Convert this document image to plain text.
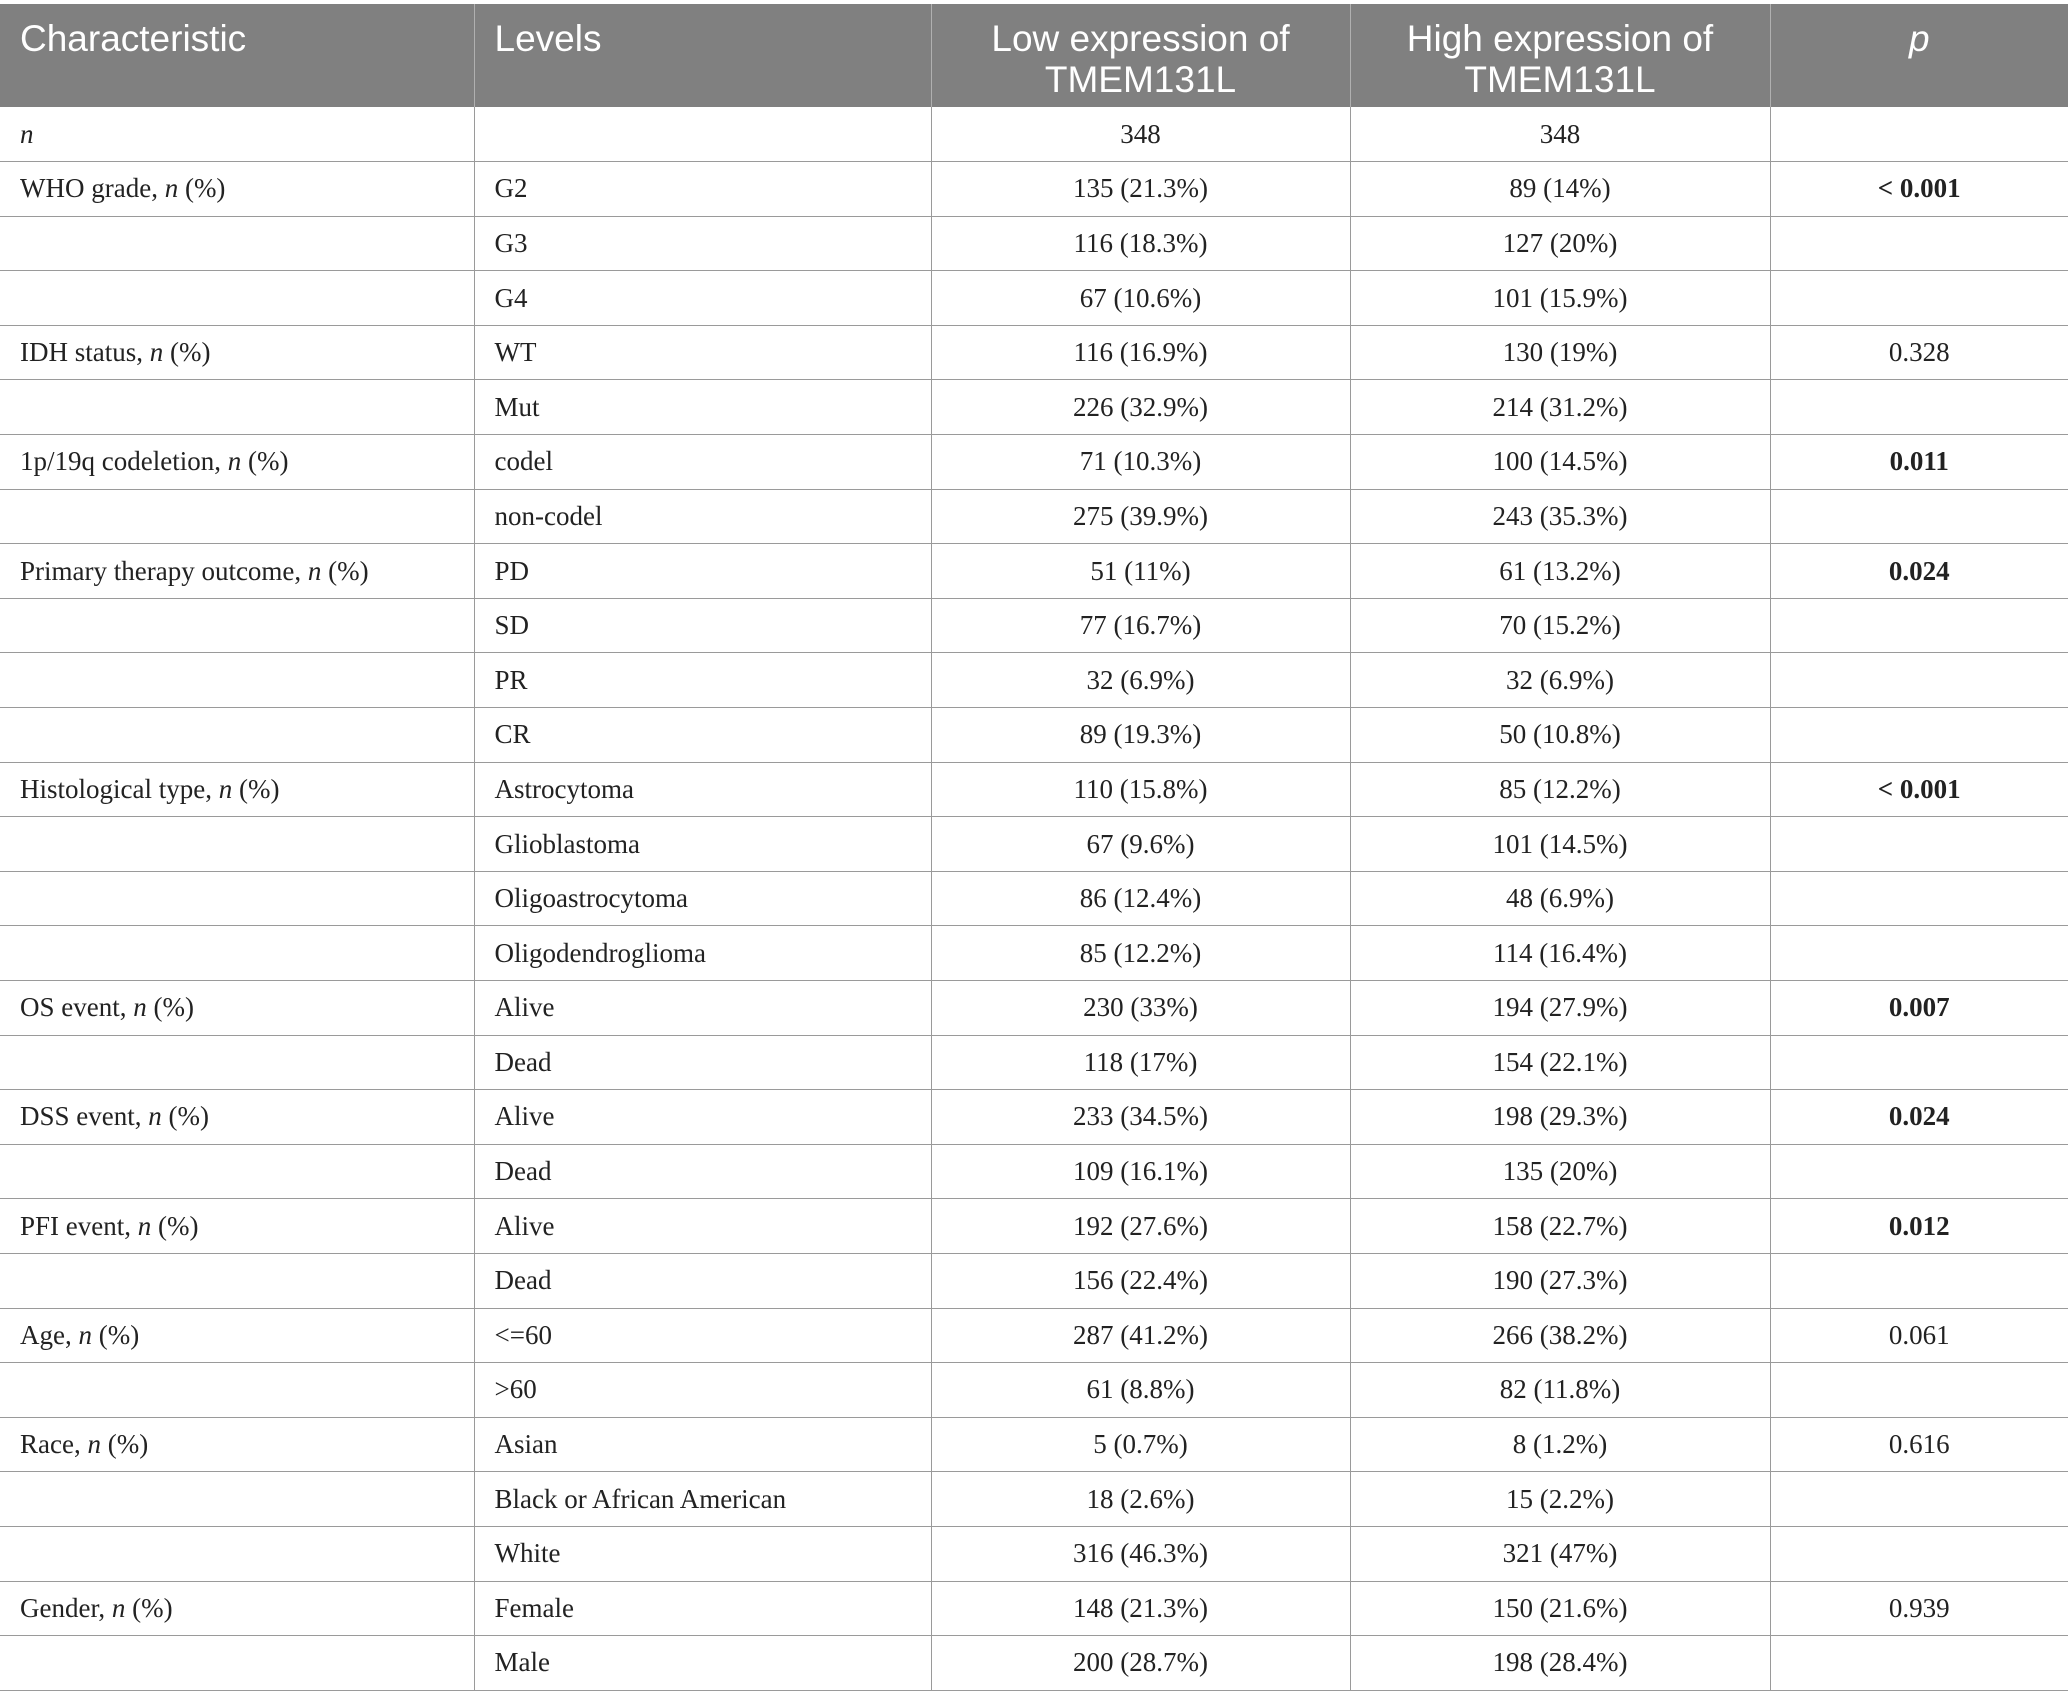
Characteristic	Levels	Low expression of TMEM131L	High expression of TMEM131L	p
n		348	348	
WHO grade, n (%)	G2	135 (21.3%)	89 (14%)	< 0.001
	G3	116 (18.3%)	127 (20%)	
	G4	67 (10.6%)	101 (15.9%)	
IDH status, n (%)	WT	116 (16.9%)	130 (19%)	0.328
	Mut	226 (32.9%)	214 (31.2%)	
1p/19q codeletion, n (%)	codel	71 (10.3%)	100 (14.5%)	0.011
	non-codel	275 (39.9%)	243 (35.3%)	
Primary therapy outcome, n (%)	PD	51 (11%)	61 (13.2%)	0.024
	SD	77 (16.7%)	70 (15.2%)	
	PR	32 (6.9%)	32 (6.9%)	
	CR	89 (19.3%)	50 (10.8%)	
Histological type, n (%)	Astrocytoma	110 (15.8%)	85 (12.2%)	< 0.001
	Glioblastoma	67 (9.6%)	101 (14.5%)	
	Oligoastrocytoma	86 (12.4%)	48 (6.9%)	
	Oligodendroglioma	85 (12.2%)	114 (16.4%)	
OS event, n (%)	Alive	230 (33%)	194 (27.9%)	0.007
	Dead	118 (17%)	154 (22.1%)	
DSS event, n (%)	Alive	233 (34.5%)	198 (29.3%)	0.024
	Dead	109 (16.1%)	135 (20%)	
PFI event, n (%)	Alive	192 (27.6%)	158 (22.7%)	0.012
	Dead	156 (22.4%)	190 (27.3%)	
Age, n (%)	<=60	287 (41.2%)	266 (38.2%)	0.061
	>60	61 (8.8%)	82 (11.8%)	
Race, n (%)	Asian	5 (0.7%)	8 (1.2%)	0.616
	Black or African American	18 (2.6%)	15 (2.2%)	
	White	316 (46.3%)	321 (47%)	
Gender, n (%)	Female	148 (21.3%)	150 (21.6%)	0.939
	Male	200 (28.7%)	198 (28.4%)	
